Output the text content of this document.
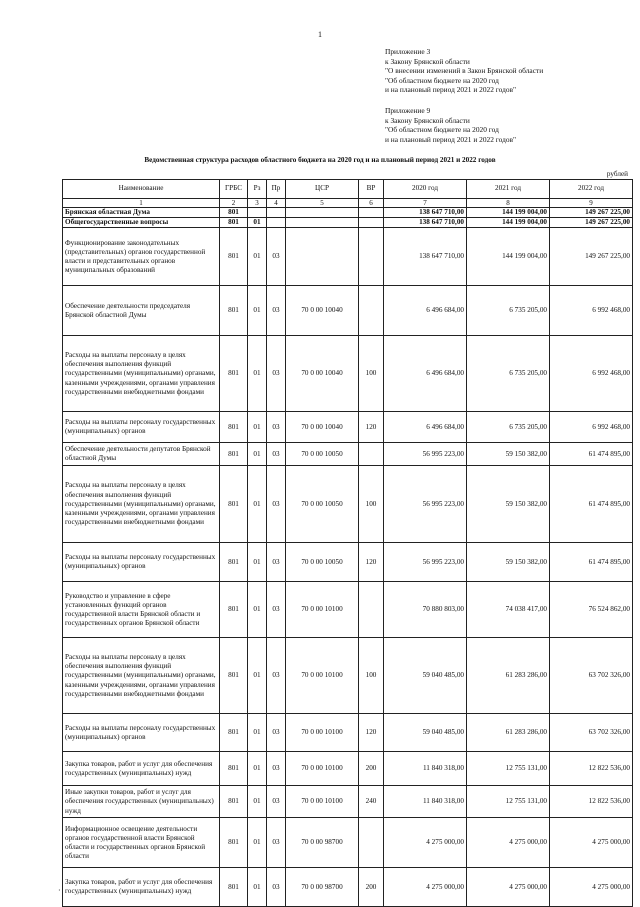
1
Приложение 3
к Закону Брянской области
"О внесении изменений в Закон Брянской области
"Об областном бюджете на 2020 год
и на плановый период 2021 и 2022 годов"
Приложение 9
к Закону Брянской области
"Об областном бюджете на 2020 год
и на плановый период 2021 и 2022 годов"
Ведомственная структура расходов областного бюджета на 2020 год и на плановый период 2021 и 2022 годов
рублей
Наименование	ГРБС	Рз	Пр	ЦСР	ВР	2020 год	2021 год	2022 год
1	2	3	4	5	6	7	8	9
Брянская областная Дума	801					138 647 710,00	144 199 004,00	149 267 225,00
Общегосударственные вопросы	801	01				138 647 710,00	144 199 004,00	149 267 225,00
Функционирование законодательных (представительных) органов государственной власти и представительных органов муниципальных образований	801	01	03			138 647 710,00	144 199 004,00	149 267 225,00
Обеспечение деятельности председателя Брянской областной Думы	801	01	03	70 0 00 10040		6 496 684,00	6 735 205,00	6 992 468,00
Расходы на выплаты персоналу в целях обеспечения выполнения функций государственными (муниципальными) органами, казенными учреждениями, органами управления государственными внебюджетными фондами	801	01	03	70 0 00 10040	100	6 496 684,00	6 735 205,00	6 992 468,00
Расходы на выплаты персоналу государственных (муниципальных) органов	801	01	03	70 0 00 10040	120	6 496 684,00	6 735 205,00	6 992 468,00
Обеспечение деятельности депутатов Брянской областной Думы	801	01	03	70 0 00 10050		56 995 223,00	59 150 382,00	61 474 895,00
Расходы на выплаты персоналу в целях обеспечения выполнения функций государственными (муниципальными) органами, казенными учреждениями, органами управления государственными внебюджетными фондами	801	01	03	70 0 00 10050	100	56 995 223,00	59 150 382,00	61 474 895,00
Расходы на выплаты персоналу государственных (муниципальных) органов	801	01	03	70 0 00 10050	120	56 995 223,00	59 150 382,00	61 474 895,00
Руководство и управление в сфере установленных функций органов государственной власти Брянской области и государственных органов Брянской области	801	01	03	70 0 00 10100		70 880 803,00	74 038 417,00	76 524 862,00
Расходы на выплаты персоналу в целях обеспечения выполнения функций государственными (муниципальными) органами, казенными учреждениями, органами управления государственными внебюджетными фондами	801	01	03	70 0 00 10100	100	59 040 485,00	61 283 286,00	63 702 326,00
Расходы на выплаты персоналу государственных (муниципальных) органов	801	01	03	70 0 00 10100	120	59 040 485,00	61 283 286,00	63 702 326,00
Закупка товаров, работ и услуг для обеспечения государственных (муниципальных) нужд	801	01	03	70 0 00 10100	200	11 840 318,00	12 755 131,00	12 822 536,00
Иные закупки товаров, работ и услуг для обеспечения государственных (муниципальных) нужд	801	01	03	70 0 00 10100	240	11 840 318,00	12 755 131,00	12 822 536,00
Информационное освещение деятельности органов государственной власти Брянской области и государственных органов Брянской области	801	01	03	70 0 00 98700		4 275 000,00	4 275 000,00	4 275 000,00
Закупка товаров, работ и услуг для обеспечения государственных (муниципальных) нужд	801	01	03	70 0 00 98700	200	4 275 000,00	4 275 000,00	4 275 000,00
·
